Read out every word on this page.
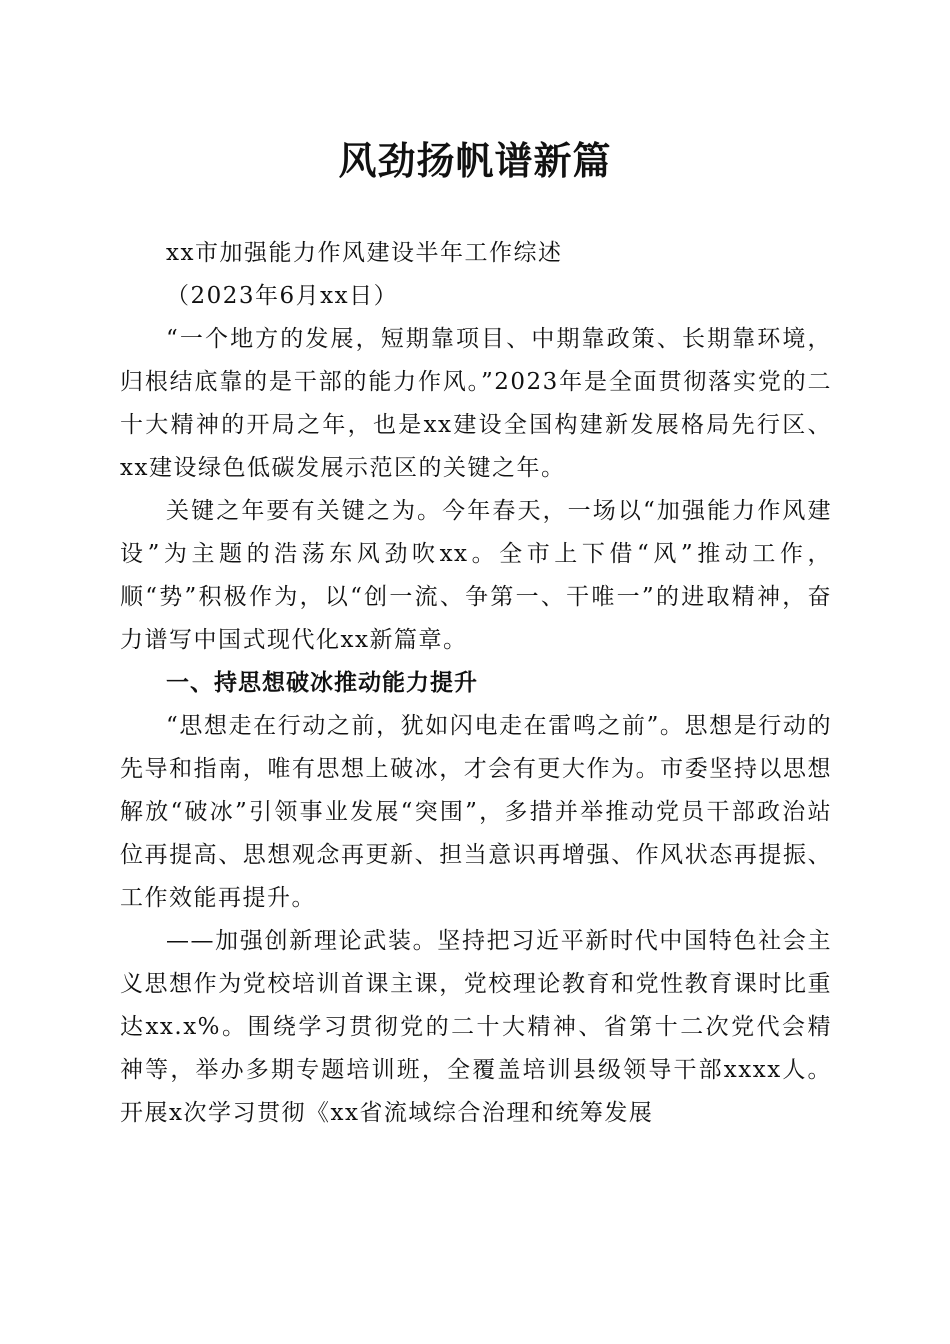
风劲扬帆谱新篇

xx市加强能力作风建设半年工作综述

（2023年6月xx日）

“一个地方的发展，短期靠项目、中期靠政策、长期靠环境，归根结底靠的是干部的能力作风。”2023年是全面贯彻落实党的二十大精神的开局之年，也是xx建设全国构建新发展格局先行区、xx建设绿色低碳发展示范区的关键之年。

关键之年要有关键之为。今年春天，一场以“加强能力作风建设”为主题的浩荡东风劲吹xx。全市上下借“风”推动工作，顺“势”积极作为，以“创一流、争第一、干唯一”的进取精神，奋力谱写中国式现代化xx新篇章。

一、持思想破冰推动能力提升

“思想走在行动之前，犹如闪电走在雷鸣之前”。思想是行动的先导和指南，唯有思想上破冰，才会有更大作为。市委坚持以思想解放“破冰”引领事业发展“突围”，多措并举推动党员干部政治站位再提高、思想观念再更新、担当意识再增强、作风状态再提振、工作效能再提升。

——加强创新理论武装。坚持把习近平新时代中国特色社会主义思想作为党校培训首课主课，党校理论教育和党性教育课时比重达xx.x%。围绕学习贯彻党的二十大精神、省第十二次党代会精神等，举办多期专题培训班，全覆盖培训县级领导干部xxxx人。开展x次学习贯彻《xx省流域综合治理和统筹发展
